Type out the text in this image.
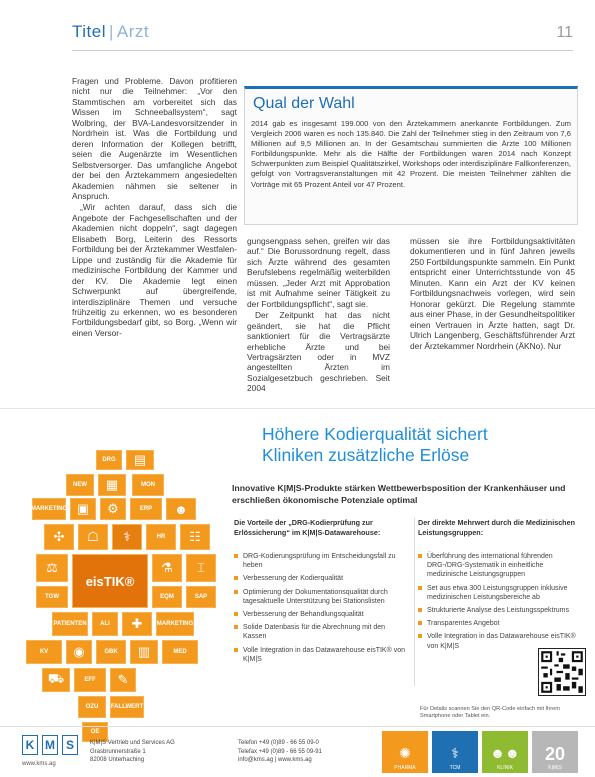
Titel | Arzt	11

Fragen und Probleme. Davon profitieren nicht nur die Teilnehmer: „Vor den Stammtischen am vorbereitet sich das Wissen im Schneeballsystem“, sagt Wolbring, der BVA-Landesvorsitzender in Nordrhein ist. Was die Fortbildung und deren Information der Kollegen betrifft, seien die Augenärzte im Wesentlichen Selbstversorger. Das umfangliche Angebot der bei den Ärztekammern angesiedelten Akademien nähmen sie seltener in Anspruch.

„Wir achten darauf, dass sich die Angebote der Fachgesellschaften und der Akademien nicht doppeln“, sagt dagegen Elisabeth Borg, Leiterin des Ressorts Fortbildung bei der Ärztekammer Westfalen-Lippe und zuständig für die Akademie für medizinische Fortbildung der Kammer und der KV. Die Akademie legt einen Schwerpunkt auf übergreifende, interdisziplinäre Themen und versuche frühzeitig zu erkennen, wo es besonderen Fortbildungsbedarf gibt, so Borg. „Wenn wir einen Versor-

Qual der Wahl
2014 gab es insgesamt 199.000 von den Ärztekammern anerkannte Fortbildungen. Zum Vergleich 2006 waren es noch 135.840. Die Zahl der Teilnehmer stieg in den Zeitraum von 7,6 Millionen auf 9,5 Millionen an. In der Gesamtschau summierten die Ärzte 100 Millionen Fortbildungspunkte. Mehr als die Hälfte der Fortbildungen waren 2014 nach Konzept Schwerpunkten zum Beispiel Qualitätszirkel, Workshops oder interdisziplinäre Fallkonferenzen, gefolgt von Vortragsveranstaltungen mit 42 Prozent. Die meisten Teilnehmer zählten die Vorträge mit 65 Prozent Anteil vor 47 Prozent.

gungsengpass sehen, greifen wir das auf.“ Die Borussordnung regelt, dass sich Ärzte während des gesamten Berufslebens regelmäßig weiterbilden müssen. „Jeder Arzt mit Approbation ist mit Aufnahme seiner Tätigkeit zu der Fortbildungspflicht“, sagt sie.

Der Zeitpunkt hat das nicht geändert, sie hat die Pflicht sanktioniert für die Vertragsärzte erhebliche Ärzte und bei Vertragsärzten oder in MVZ angestellten Ärzten im Sozialgesetzbuch geschrieben. Seit 2004

müssen sie ihre Fortbildungsaktivitäten dokumentieren und in fünf Jahren jeweils 250 Fortbildungspunkte sammeln. Ein Punkt entspricht einer Unterrichtsstunde von 45 Minuten. Kann ein Arzt der KV keinen Fortbildungsnachweis vorlegen, wird sein Honorar gekürzt. Die Regelung stammte aus einer Phase, in der Gesundheitspolitiker einen Vertrauen in Ärzte hatten, sagt Dr. Ulrich Langenberg, Geschäftsführender Arzt der Ärztekammer Nordrhein (ÄKNo). Nur

DRG	▤
NEW	▦	MON
MARKETING ▣	⚙	ERP	☻
✣	☖	⚕	HR	☷
⚖
eisTIK®
⚗	⌶
TGW	EQM	SAP
PATIENTEN	ALI	✚	MARKETING
KV	◉	GBK	▥	MED
⛟	EFF	✎
OZU	FALLWERT
OE
Höhere Kodierqualität sichert
Kliniken zusätzliche Erlöse
Innovative K|M|S-Produkte stärken Wettbewerbsposition der Krankenhäuser und erschließen ökonomische Potenziale optimal
Die Vorteile der „DRG-Kodierprüfung zur Erlössicherung“ im K|M|S-Datawarehouse:
Der direkte Mehrwert durch die Medizinischen Leistungsgruppen:
DRG-Kodierungsprüfung im Entscheidungsfall zu heben
Verbesserung der Kodierqualität
Optimierung der Dokumentationsqualität durch tagesaktuelle Unterstützung bei Stationslisten
Verbesserung der Behandlungsqualität
Solide Datenbasis für die Abrechnung mit den Kassen
Volle Integration in das Datawarehouse eisTIK® von K|M|S
Überführung des international führenden DRG-/DRG-Systematik in einheitliche medizinische Leistungsgruppen
Set aus etwa 300 Leistungsgruppen inklusive medizinischen Leistungsbereiche ab
Strukturierte Analyse des Leistungsspektrums
Transparentes Angebot
Volle Integration in das Datawarehouse eisTIK® von K|M|S
Für Details scannen Sie den QR-Code einfach mit Ihrem Smartphone oder Tablet ein.
K M S
www.kms.ag
K|M|S Vertrieb und Services AG
Grasbrunnerstraße 1
82008 Unterhaching
Telefon +49 (0)89 - 66 55 09-0
Telefax +49 (0)89 - 66 55 09-91
info@kms.ag | www.kms.ag	✺
PHARMA
⚕
TCM
☻☻
KLINIK
20
K|M|S
